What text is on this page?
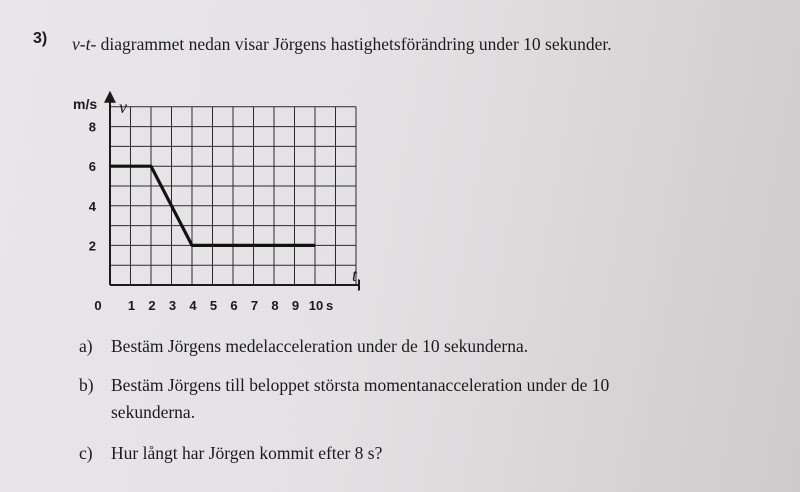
3) v-t- diagrammet nedan visar Jörgens hastighetsförändring under 10 sekunder.
v
t
m/s
2
4
6
8
0 1 2 3 4 5 6 7 8 9 10 s
a) Bestäm Jörgens medelacceleration under de 10 sekunderna.
b) Bestäm Jörgens till beloppet största momentanacceleration under de 10 sekunderna.
c) Hur långt har Jörgen kommit efter 8 s?
